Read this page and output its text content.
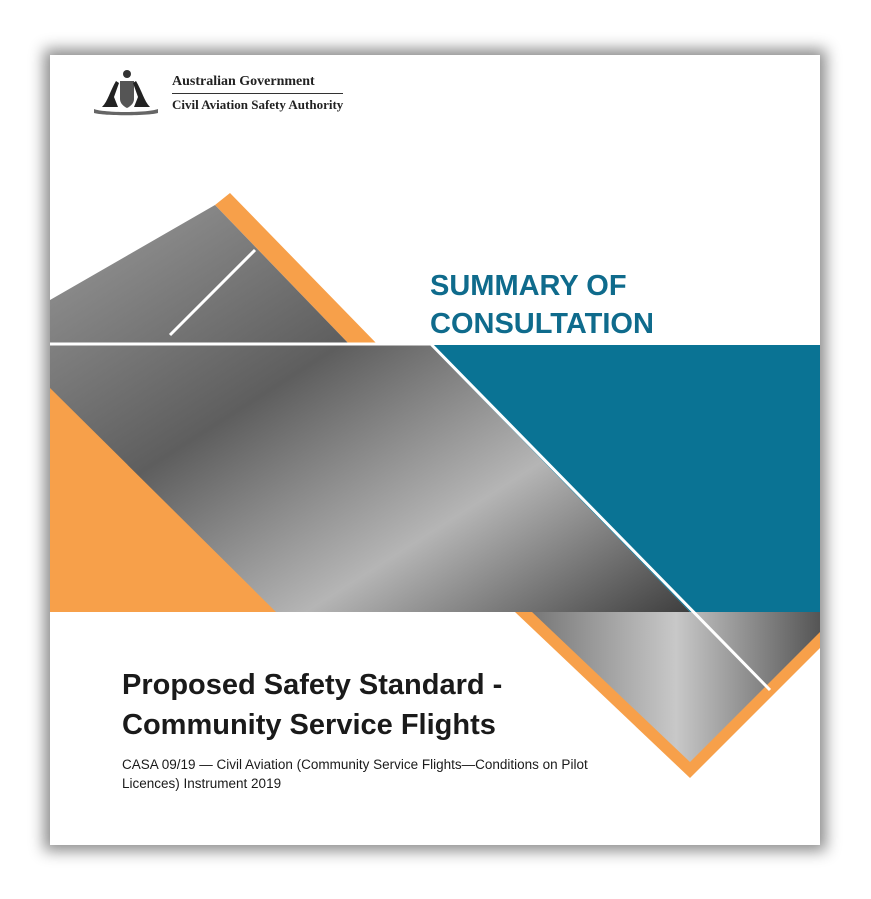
Australian Government
Civil Aviation Safety Authority
SUMMARY OF
CONSULTATION
Proposed Safety Standard -
Community Service Flights
CASA 09/19 — Civil Aviation (Community Service Flights—Conditions on Pilot Licences) Instrument 2019
